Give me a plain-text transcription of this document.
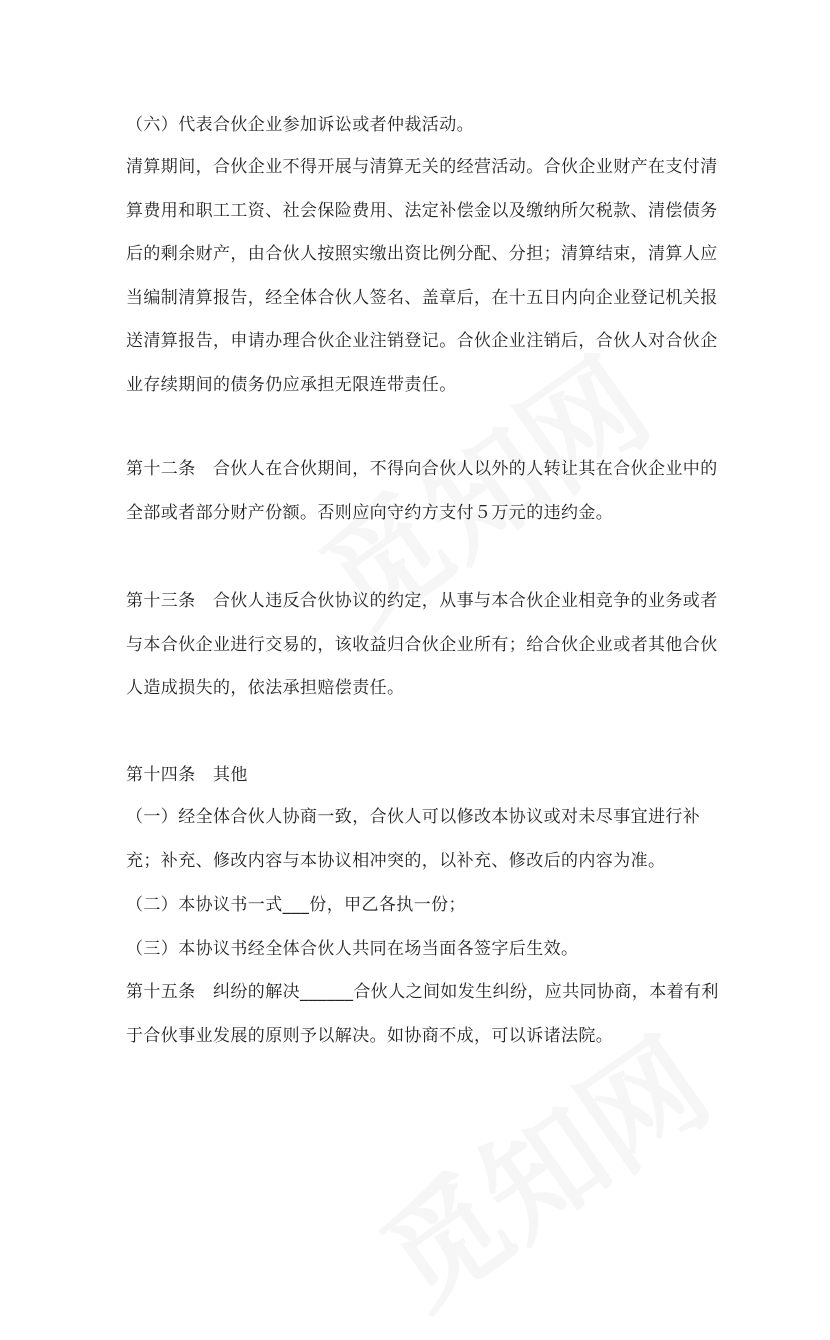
（六）代表合伙企业参加诉讼或者仲裁活动。
清算期间，合伙企业不得开展与清算无关的经营活动。合伙企业财产在支付清
算费用和职工工资、社会保险费用、法定补偿金以及缴纳所欠税款、清偿债务
后的剩余财产，由合伙人按照实缴出资比例分配、分担；清算结束，清算人应
当编制清算报告，经全体合伙人签名、盖章后，在十五日内向企业登记机关报
送清算报告，申请办理合伙企业注销登记。合伙企业注销后，合伙人对合伙企
业存续期间的债务仍应承担无限连带责任。
第十二条　合伙人在合伙期间，不得向合伙人以外的人转让其在合伙企业中的
全部或者部分财产份额。否则应向守约方支付５万元的违约金。
第十三条　合伙人违反合伙协议的约定，从事与本合伙企业相竞争的业务或者
与本合伙企业进行交易的，该收益归合伙企业所有；给合伙企业或者其他合伙
人造成损失的，依法承担赔偿责任。
第十四条　其他
（一）经全体合伙人协商一致，合伙人可以修改本协议或对未尽事宜进行补
充；补充、修改内容与本协议相冲突的，以补充、修改后的内容为准。
（二）本协议书一式___份，甲乙各执一份；
（三）本协议书经全体合伙人共同在场当面各签字后生效。
第十五条　纠纷的解决______合伙人之间如发生纠纷，应共同协商，本着有利
于合伙事业发展的原则予以解决。如协商不成，可以诉诸法院。
